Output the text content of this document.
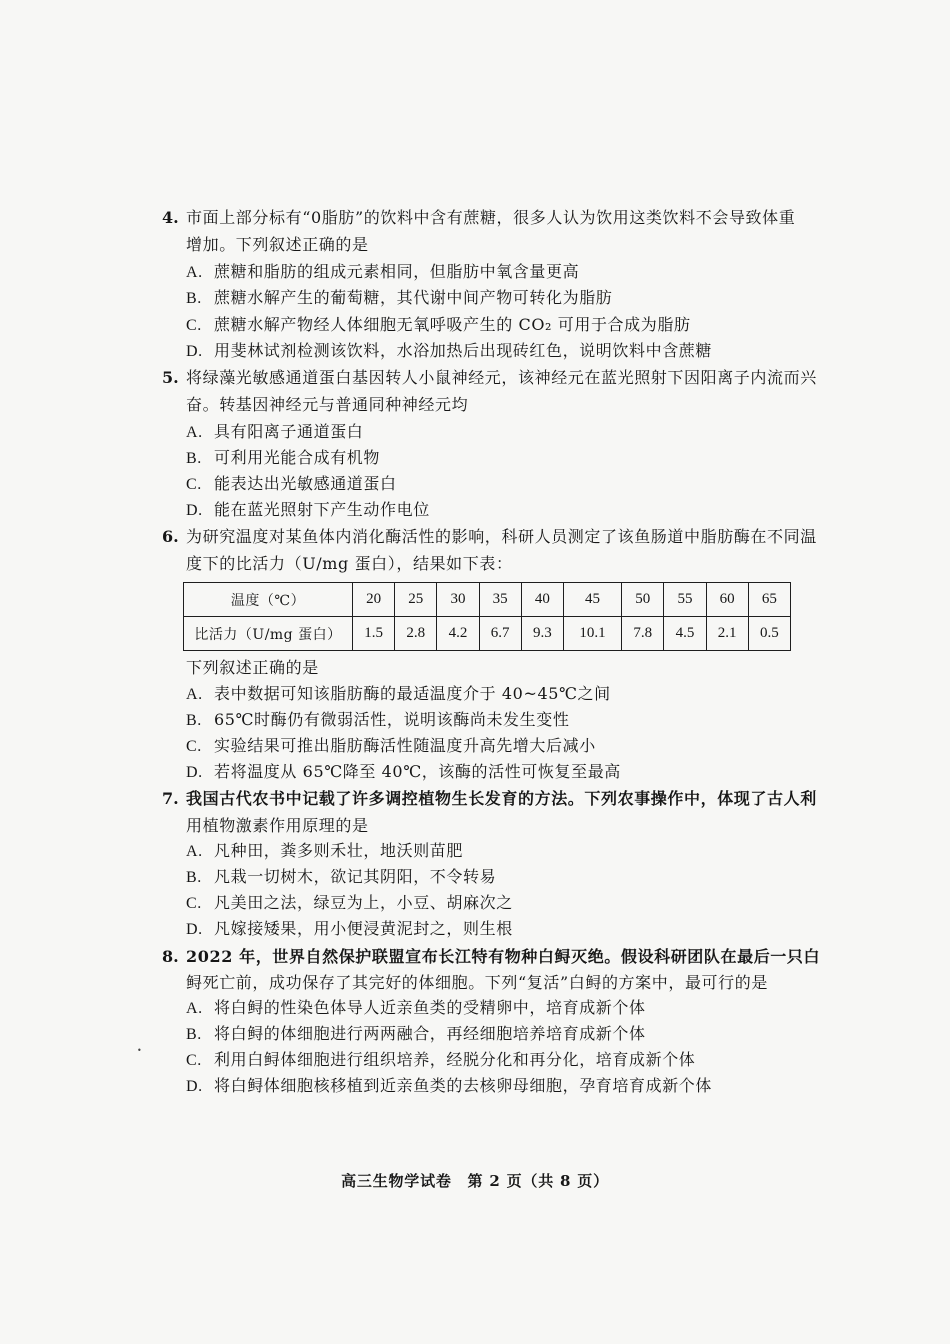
4. 市面上部分标有“0脂肪”的饮料中含有蔗糖，很多人认为饮用这类饮料不会导致体重
增加。下列叙述正确的是
A. 蔗糖和脂肪的组成元素相同，但脂肪中氧含量更高
B. 蔗糖水解产生的葡萄糖，其代谢中间产物可转化为脂肪
C. 蔗糖水解产物经人体细胞无氧呼吸产生的 CO₂ 可用于合成为脂肪
D. 用斐林试剂检测该饮料，水浴加热后出现砖红色，说明饮料中含蔗糖
5. 将绿藻光敏感通道蛋白基因转人小鼠神经元，该神经元在蓝光照射下因阳离子内流而兴
奋。转基因神经元与普通同种神经元均
A. 具有阳离子通道蛋白
B. 可利用光能合成有机物
C. 能表达出光敏感通道蛋白
D. 能在蓝光照射下产生动作电位
6. 为研究温度对某鱼体内消化酶活性的影响，科研人员测定了该鱼肠道中脂肪酶在不同温
度下的比活力（U/mg 蛋白），结果如下表：
温度（℃）	20	25	30	35	40	45	50	55	60	65
比活力（U/mg 蛋白）	1.5	2.8	4.2	6.7	9.3	10.1	7.8	4.5	2.1	0.5
下列叙述正确的是
A. 表中数据可知该脂肪酶的最适温度介于 40~45℃之间
B. 65℃时酶仍有微弱活性，说明该酶尚未发生变性
C. 实验结果可推出脂肪酶活性随温度升高先增大后减小
D. 若将温度从 65℃降至 40℃，该酶的活性可恢复至最高
7. 我国古代农书中记载了许多调控植物生长发育的方法。下列农事操作中，体现了古人利
用植物激素作用原理的是
A. 凡种田，粪多则禾壮，地沃则苗肥
B. 凡栽一切树木，欲记其阴阳，不令转易
C. 凡美田之法，绿豆为上，小豆、胡麻次之
D. 凡嫁接矮果，用小便浸黄泥封之，则生根
8. 2022 年，世界自然保护联盟宣布长江特有物种白鲟灭绝。假设科研团队在最后一只白
鲟死亡前，成功保存了其完好的体细胞。下列“复活”白鲟的方案中，最可行的是
A. 将白鲟的性染色体导人近亲鱼类的受精卵中，培育成新个体
B. 将白鲟的体细胞进行两两融合，再经细胞培养培育成新个体
C. 利用白鲟体细胞进行组织培养，经脱分化和再分化，培育成新个体
D. 将白鲟体细胞核移植到近亲鱼类的去核卵母细胞，孕育培育成新个体
•
高三生物学试卷　第 2 页（共 8 页）
